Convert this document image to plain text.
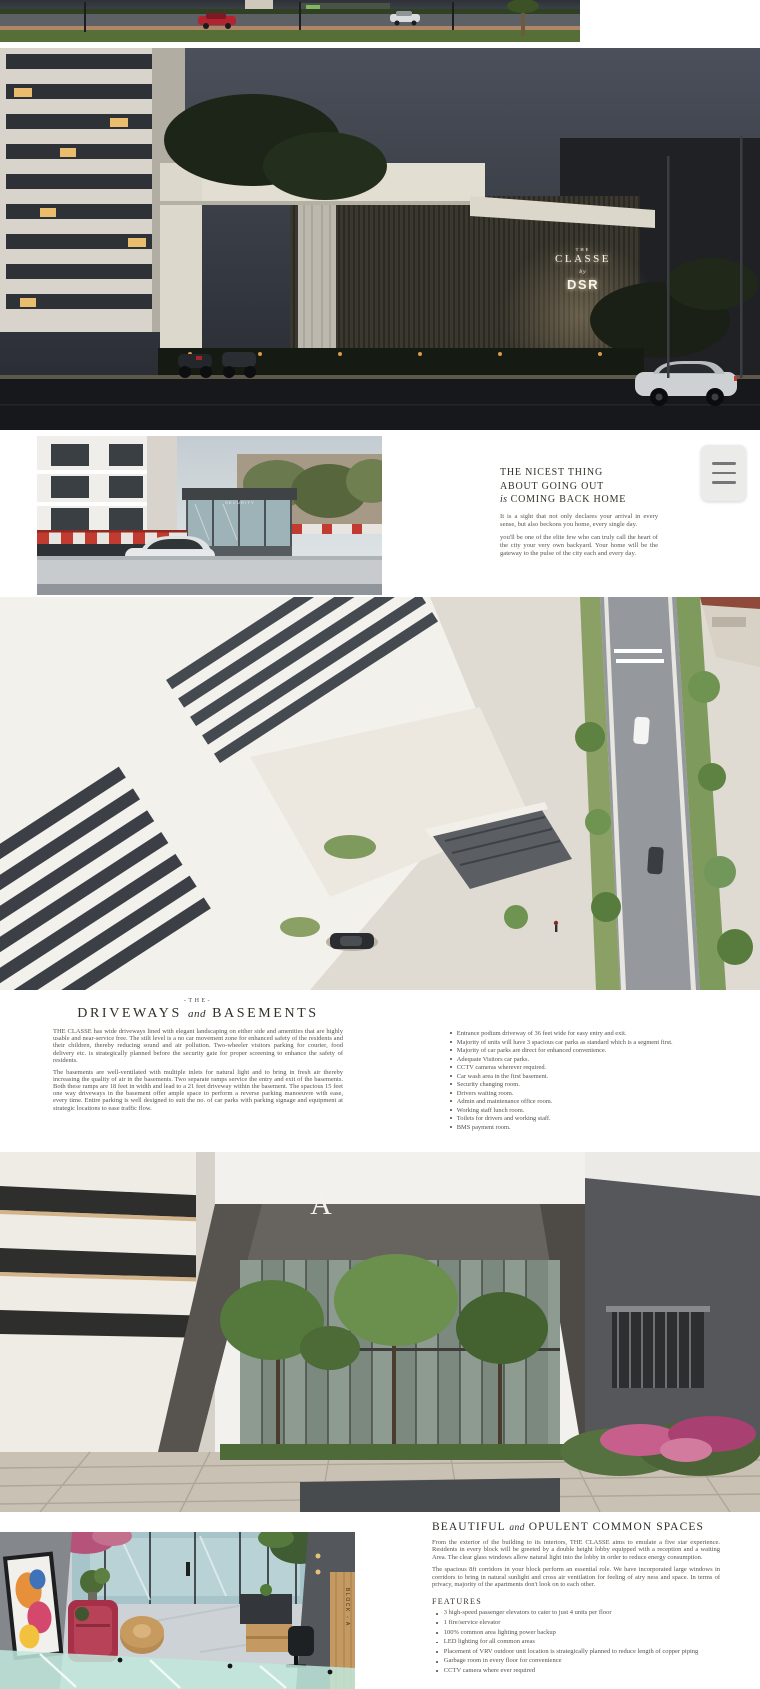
THE
CLASSE
by
DSR
SECURITY
THE NICEST THING
ABOUT GOING OUT
is COMING BACK HOME

It is a sight that not only declares your arrival in every sense, but also beckons you home, every single day.

you'll be one of the elite few who can truly call the heart of the city your very own backyard. Your home will be the gateway to the pulse of the city each and every day.

-THE-
DRIVEWAYS and BASEMENTS

THE CLASSE has wide driveways lined with elegant landscaping on either side and amenities that are highly usable and near-service free. The stilt level is a no car movement zone for enhanced safety of the residents and their children, thereby reducing sound and air pollution. Two-wheeler visitors parking for courier, food delivery etc. is strategically planned before the security gate for proper screening to enhance the safety of residents.

The basements are well-ventilated with multiple inlets for natural light and to bring in fresh air thereby increasing the quality of air in the basements. Two separate ramps service the entry and exit of the basements. Both these ramps are 18 feet in width and lead to a 21 feet driveway within the basement. The spacious 15 feet one way driveways in the basement offer ample space to perform a reverse parking manoeuvre with ease, every time. Entire parking is well designed to suit the no. of car parks with parking signage and equipment at strategic locations to ease traffic flow.

Entrance podium driveway of 36 feet wide for easy entry and exit.
Majority of units will have 3 spacious car parks as standard which is a segment first.
Majority of car parks are direct for enhanced convenience.
Adequate Visitors car parks.
CCTV cameras wherever required.
Car wash area in the first basement.
Security changing room.
Drivers waiting room.
Admin and maintenance office room.
Working staff lunch room.
Toilets for drivers and working staff.
BMS payment room.
A
BLOCK - A
BEAUTIFUL and OPULENT COMMON SPACES

From the exterior of the building to its interiors, THE CLASSE aims to emulate a five star experience. Residents in every block will be greeted by a double height lobby equipped with a reception and a waiting Area. The clear glass windows allow natural light into the lobby in order to reduce energy consumption.

The spacious 8ft corridors in your block perform an essential role. We have incorporated large windows in corridors to bring in natural sunlight and cross air ventilation for feeling of airy ness and space. In terms of privacy, majority of the apartments don't look on to each other.

FEATURES
3 high-speed passenger elevators to cater to just 4 units per floor
1 fire/service elevator
100% common area lighting power backup
LED lighting for all common areas
Placement of VRV outdoor unit location is strategically planned to reduce length of copper piping
Garbage room in every floor for convenience
CCTV camera where ever required
